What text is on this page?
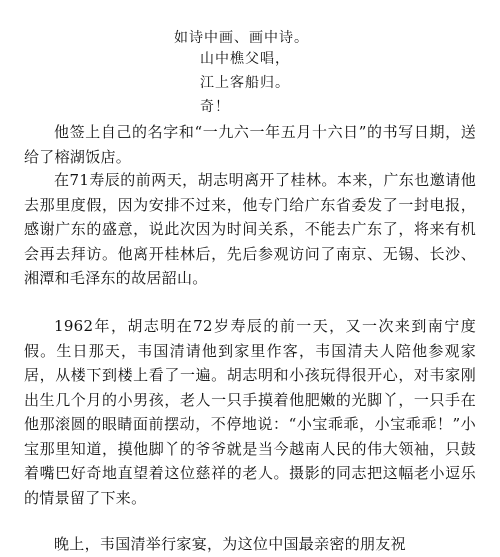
如诗中画、画中诗。
山中樵父唱，
江上客船归。
奇！

他签上自己的名字和“一九六一年五月十六日”的书写日期，送给了榕湖饭店。

在71寿辰的前两天，胡志明离开了桂林。本来，广东也邀请他去那里度假，因为安排不过来，他专门给广东省委发了一封电报，感谢广东的盛意，说此次因为时间关系，不能去广东了，将来有机会再去拜访。他离开桂林后，先后参观访问了南京、无锡、长沙、湘潭和毛泽东的故居韶山。

1962年，胡志明在72岁寿辰的前一天，又一次来到南宁度假。生日那天，韦国清请他到家里作客，韦国清夫人陪他参观家居，从楼下到楼上看了一遍。胡志明和小孩玩得很开心，对韦家刚出生几个月的小男孩，老人一只手摸着他肥嫩的光脚丫，一只手在他那滚圆的眼睛面前摆动，不停地说：“小宝乖乖，小宝乖乖！”小宝那里知道，摸他脚丫的爷爷就是当今越南人民的伟大领袖，只鼓着嘴巴好奇地直望着这位慈祥的老人。摄影的同志把这幅老小逗乐的情景留了下来。

晚上，韦国清举行家宴，为这位中国最亲密的朋友祝
